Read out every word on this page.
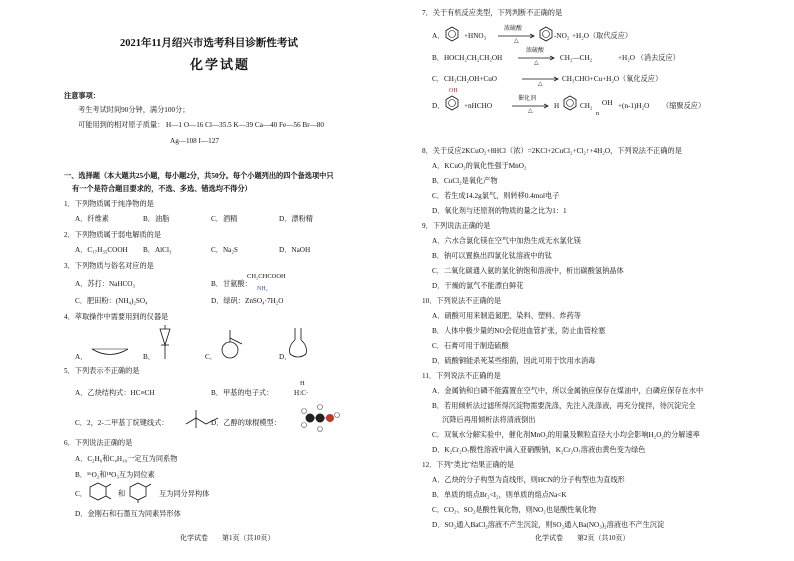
2021年11月绍兴市选考科目诊断性考试
化学试题
注意事项：
考生考试时间90分钟，满分100分；
可能用到的相对原子质量： H—1 O—16 Cl—35.5 K—39 Ca—40 Fe—56 Br—80
Ag—108 I—127
一、选择题（本大题共25小题，每小题2分，共50分。每个小题列出的四个备选项中只
有一个是符合题目要求的，不选、多选、错选均不得分）
1．下列物质属于纯净物的是
A．纤维素	B．油脂	C．酒精	D．漂粉精
2．下列物质属于弱电解质的是
A．C₁₇H₃₅COOH B．AlCl₃	C．Na₂S	D．NaOH
3．下列物质与俗名对应的是
A．苏打：NaHCO₃	B．甘氨酸：
CH₂CHCOOH
NH₂
C．肥田粉：(NH₄)₂SO₄	D．绿矾：ZnSO₄·7H₂O
4．萃取操作中需要用到的仪器是
A．	B．	C．	D．
5．下列表示不正确的是
A．乙炔结构式：HC≡CH	B．甲基的电子式：
H
H:C·
C．2，2-二甲基丁烷键线式：	D．乙醇的球棍模型：
6．下列说法正确的是
A．C₂H₆和C₄H₁₀一定互为同系物
B．¹⁶O₂和¹⁸O₃互为同位素
C．	和	互为同分异构体
D．金刚石和石墨互为同素异形体
化学试卷　　第1页（共10页）
7．关于有机反应类型，下列判断不正确的是
A．	+HNO₃
浓硫酸
△
-NO₂ +H₂O（取代反应）
B．HOCH₂CH₂CH₂OH
浓硫酸
△
CH₂—CH₂	+H₂O （消去反应）
C．CH₃CH₂OH+CuO
△
CH₃CHO+Cu+H₂O（氧化反应）
D．
OH
+nHCHO
催化剂
△
H	CH₂
n
OH +(n-1)H₂O （缩聚反应）
8．关于反应2KCuO₂+8HCl（浓）=2KCl+2CuCl₂+Cl₂↑+4H₂O，下列说法不正确的是
A．KCuO₂的氧化性强于MnO₂
B．CuCl₂是氧化产物
C．若生成14.2g氯气，则转移0.4mol电子
D．氧化剂与还原剂的物质的量之比为1：1
9．下列说法正确的是
A．六水合氯化镁在空气中加热生成无水氯化镁
B．钠可以置换出四氯化钛溶液中的钛
C．二氧化碳通入氨的氯化钠饱和溶液中，析出碳酸氢钠晶体
D．干燥的氯气不能漂白鲜花
10．下列说法不正确的是
A．硝酸可用来制造氮肥、染料、塑料、炸药等
B．人体中极少量的NO会促进血管扩张，防止血管栓塞
C．石膏可用于制造硫酸
D．硫酸铜能杀死某些细菌，因此可用于饮用水消毒
11．下列说法不正确的是
A．金属钠和白磷不能露置在空气中，所以金属钠应保存在煤油中，白磷应保存在水中
B．若用倾析法过滤所得沉淀物需要洗涤，先注入洗涤液，再充分搅拌，待沉淀完全
沉降后再用倾析法将清液倒出
C．双氧水分解实验中，催化剂MnO₂的用量及颗粒直径大小均会影响H₂O₂的分解速率
D．K₂Cr₂O₇酸性溶液中滴入亚硝酸钠，K₂Cr₂O₇溶液由黄色变为绿色
12．下列"类比"结果正确的是
A．乙炔的分子构型为直线形，则HCN的分子构型也为直线形
B．单质的熔点Br₂<I₂，则单质的熔点Na<K
C．CO₂、SO₂是酸性氧化物，则NO₂也是酸性氧化物
D．SO₂通入BaCl₂溶液不产生沉淀，则SO₂通入Ba(NO₃)₂溶液也不产生沉淀
化学试卷　　第2页（共10页）
